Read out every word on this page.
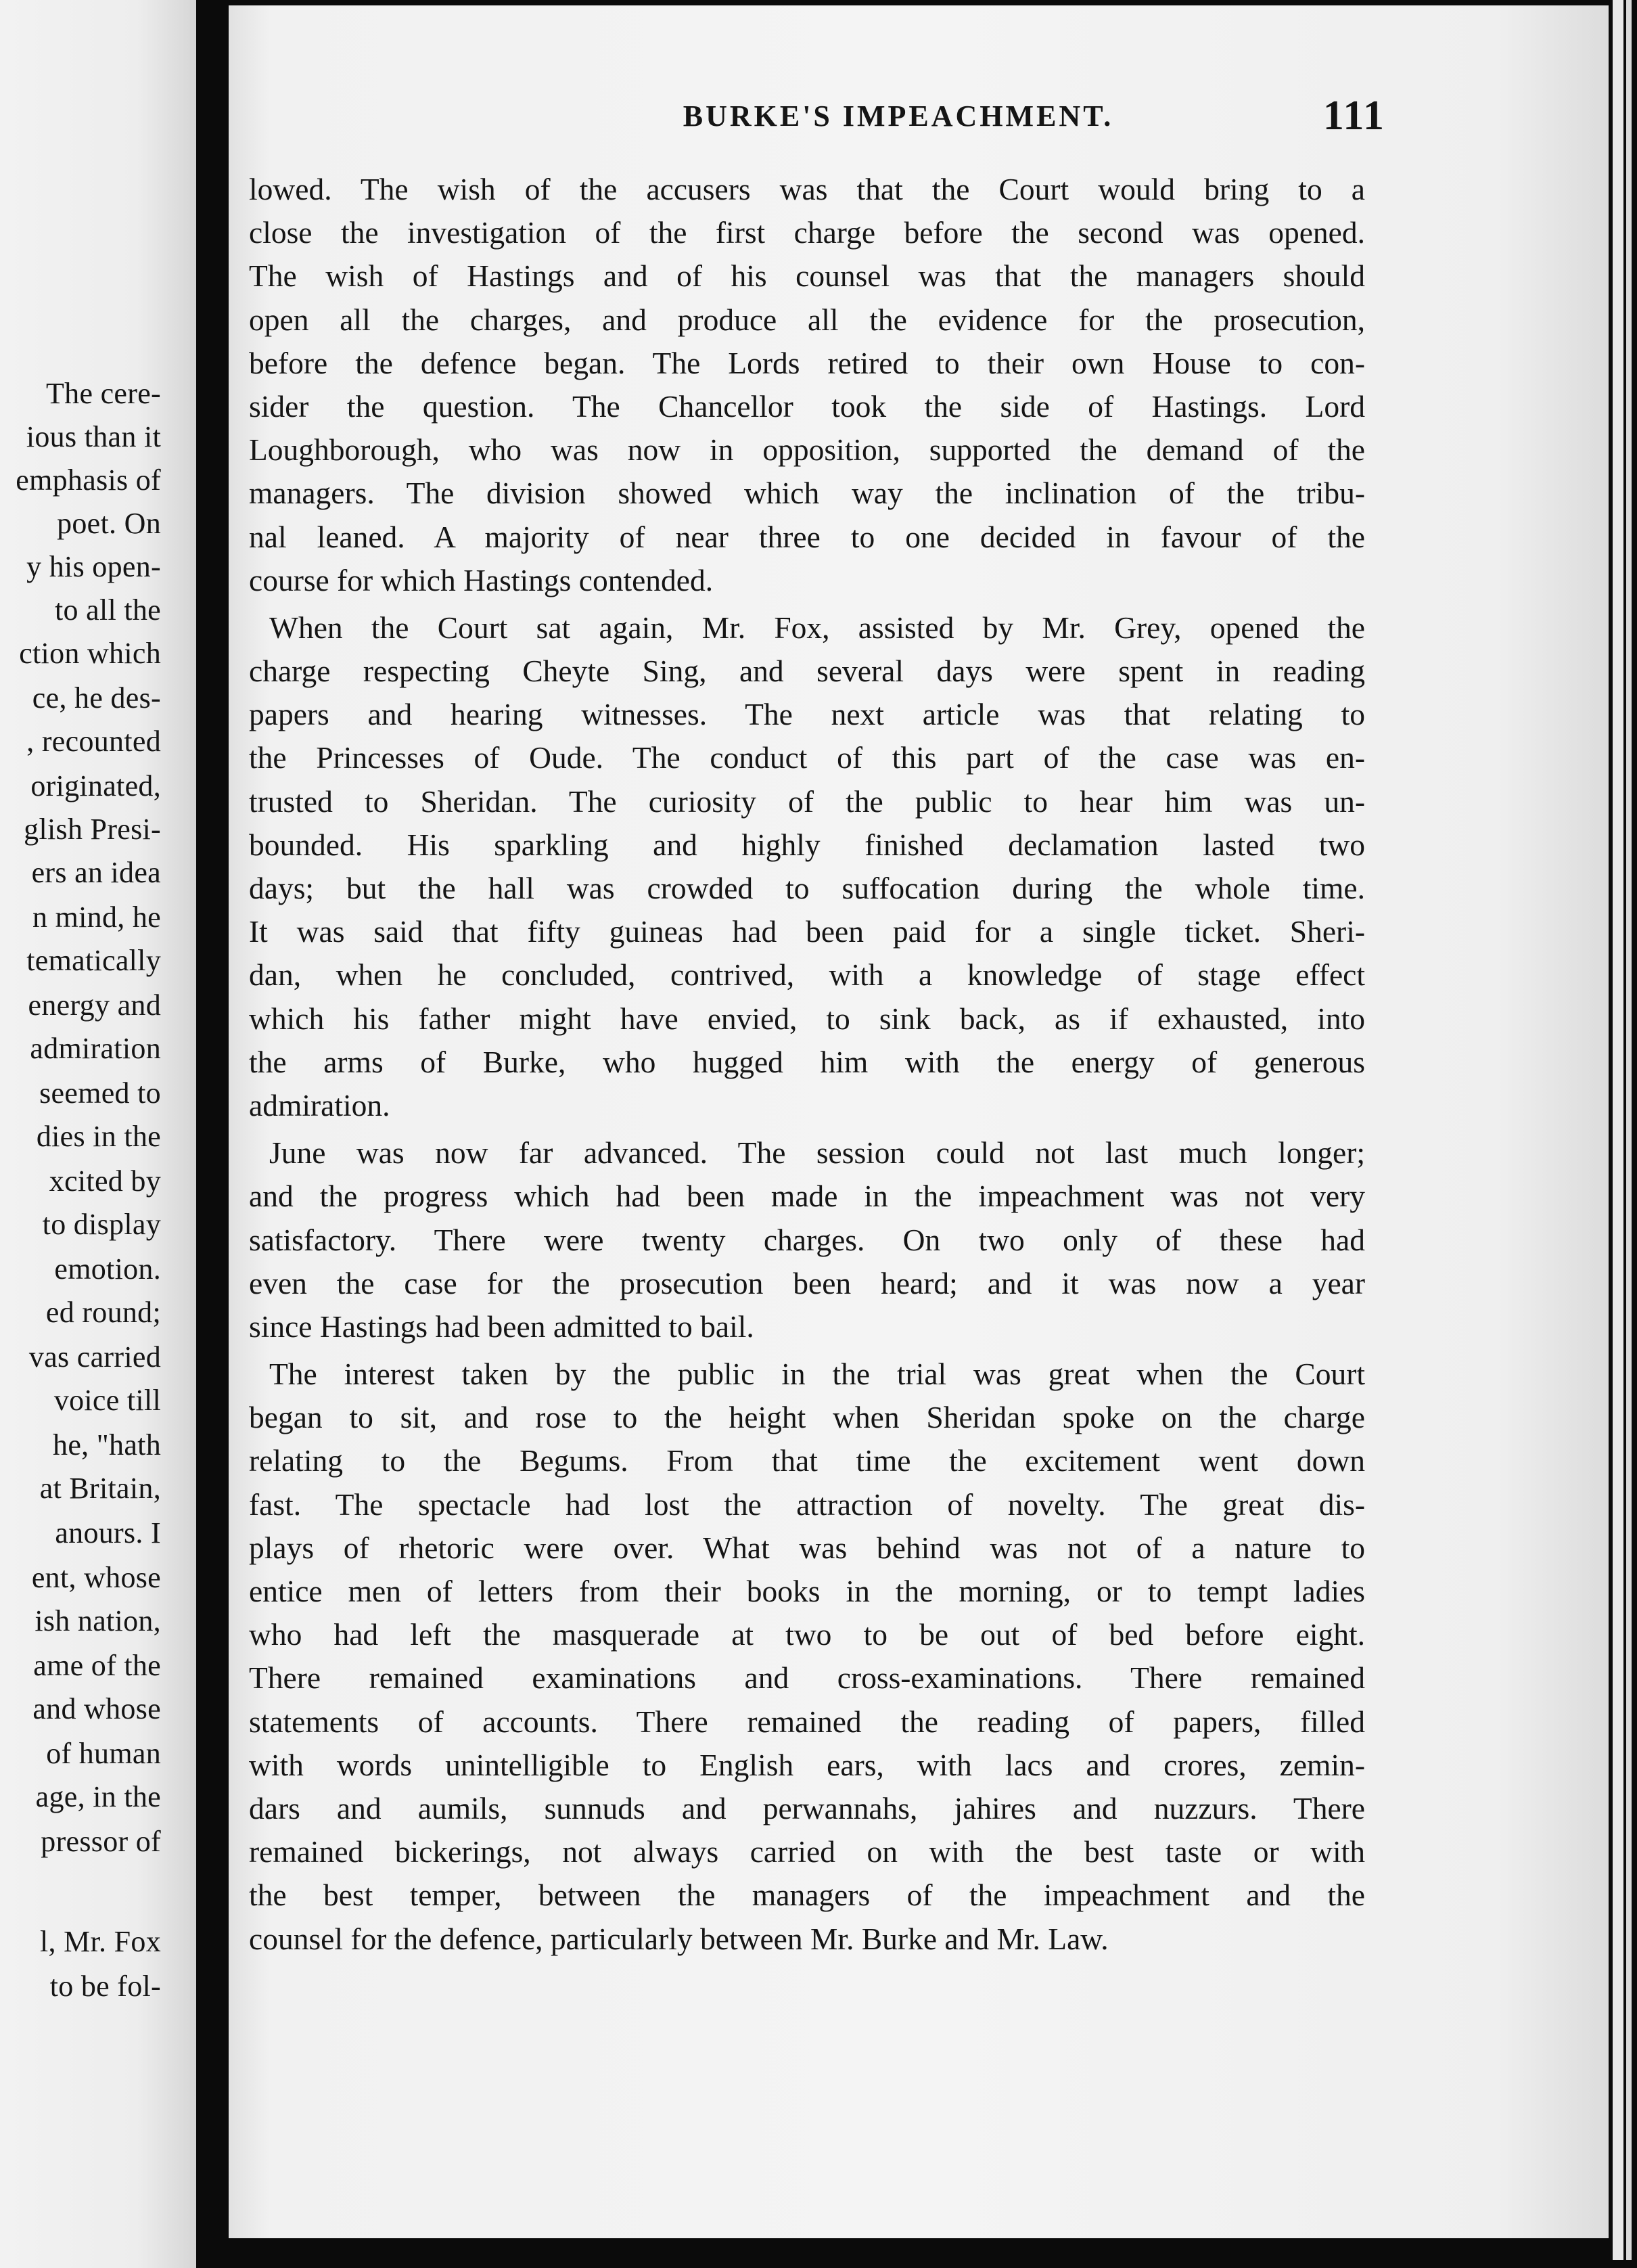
The cere-
ious than it
emphasis of
poet. On
y his open-
to all the
ction which
ce, he des-
, recounted
originated,
glish Presi-
ers an idea
n mind, he
tematically
energy and
admiration
seemed to
dies in the
xcited by
to display
emotion.
ed round;
vas carried
voice till
he, "hath
at Britain,
anours. I
ent, whose
ish nation,
ame of the
and whose
of human
age, in the
pressor of
l, Mr. Fox
to be fol-
BURKE'S IMPEACHMENT.	111
lowed. The wish of the accusers was that the Court would bring to a
close the investigation of the first charge before the second was opened.
The wish of Hastings and of his counsel was that the managers should
open all the charges, and produce all the evidence for the prosecution,
before the defence began. The Lords retired to their own House to con-
sider the question. The Chancellor took the side of Hastings. Lord
Loughborough, who was now in opposition, supported the demand of the
managers. The division showed which way the inclination of the tribu-
nal leaned. A majority of near three to one decided in favour of the
course for which Hastings contended.
When the Court sat again, Mr. Fox, assisted by Mr. Grey, opened the
charge respecting Cheyte Sing, and several days were spent in reading
papers and hearing witnesses. The next article was that relating to
the Princesses of Oude. The conduct of this part of the case was en-
trusted to Sheridan. The curiosity of the public to hear him was un-
bounded. His sparkling and highly finished declamation lasted two
days; but the hall was crowded to suffocation during the whole time.
It was said that fifty guineas had been paid for a single ticket. Sheri-
dan, when he concluded, contrived, with a knowledge of stage effect
which his father might have envied, to sink back, as if exhausted, into
the arms of Burke, who hugged him with the energy of generous
admiration.
June was now far advanced. The session could not last much longer;
and the progress which had been made in the impeachment was not very
satisfactory. There were twenty charges. On two only of these had
even the case for the prosecution been heard; and it was now a year
since Hastings had been admitted to bail.
The interest taken by the public in the trial was great when the Court
began to sit, and rose to the height when Sheridan spoke on the charge
relating to the Begums. From that time the excitement went down
fast. The spectacle had lost the attraction of novelty. The great dis-
plays of rhetoric were over. What was behind was not of a nature to
entice men of letters from their books in the morning, or to tempt ladies
who had left the masquerade at two to be out of bed before eight.
There remained examinations and cross-examinations. There remained
statements of accounts. There remained the reading of papers, filled
with words unintelligible to English ears, with lacs and crores, zemin-
dars and aumils, sunnuds and perwannahs, jahires and nuzzurs. There
remained bickerings, not always carried on with the best taste or with
the best temper, between the managers of the impeachment and the
counsel for the defence, particularly between Mr. Burke and Mr. Law.
